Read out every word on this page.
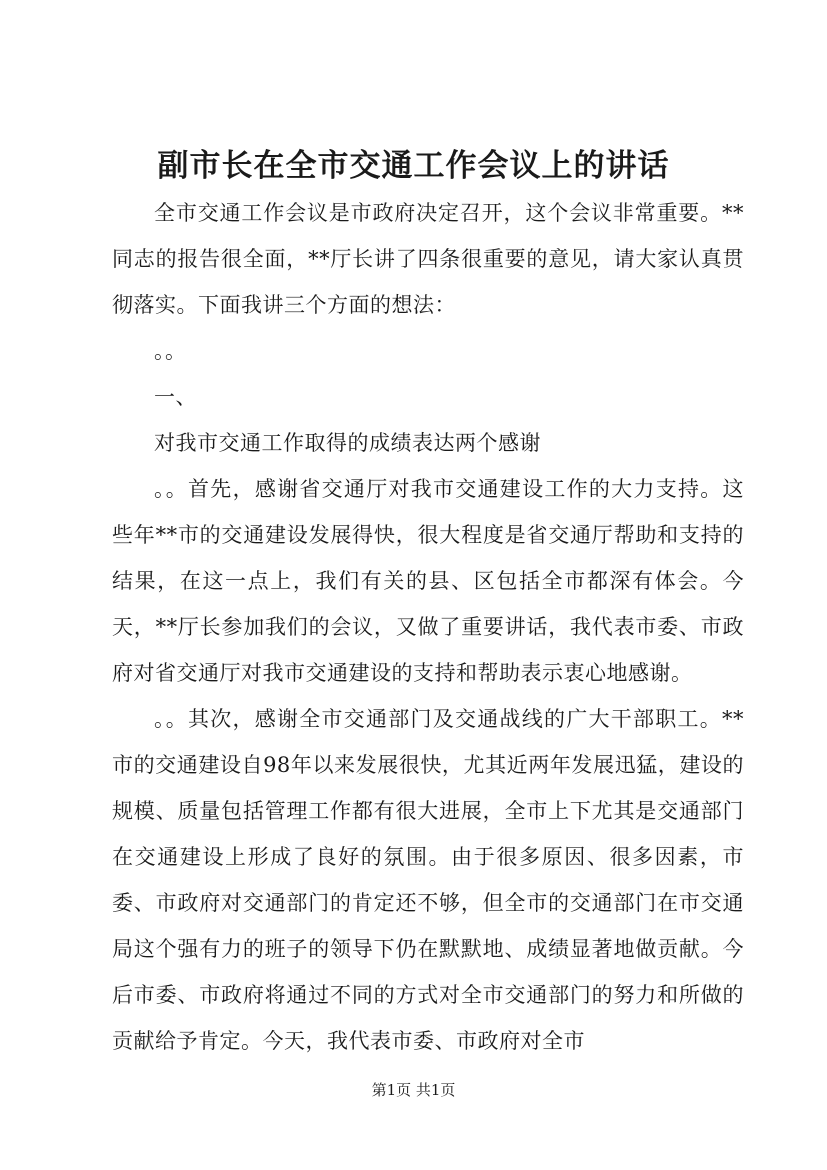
副市长在全市交通工作会议上的讲话

全市交通工作会议是市政府决定召开，这个会议非常重要。**同志的报告很全面，**厅长讲了四条很重要的意见，请大家认真贯彻落实。下面我讲三个方面的想法：

。。

一、

对我市交通工作取得的成绩表达两个感谢

。。首先，感谢省交通厅对我市交通建设工作的大力支持。这些年**市的交通建设发展得快，很大程度是省交通厅帮助和支持的结果，在这一点上，我们有关的县、区包括全市都深有体会。今天，**厅长参加我们的会议，又做了重要讲话，我代表市委、市政府对省交通厅对我市交通建设的支持和帮助表示衷心地感谢。

。。其次，感谢全市交通部门及交通战线的广大干部职工。**市的交通建设自98年以来发展很快，尤其近两年发展迅猛，建设的规模、质量包括管理工作都有很大进展，全市上下尤其是交通部门在交通建设上形成了良好的氛围。由于很多原因、很多因素，市委、市政府对交通部门的肯定还不够，但全市的交通部门在市交通局这个强有力的班子的领导下仍在默默地、成绩显著地做贡献。今后市委、市政府将通过不同的方式对全市交通部门的努力和所做的贡献给予肯定。今天，我代表市委、市政府对全市

第1页 共1页
